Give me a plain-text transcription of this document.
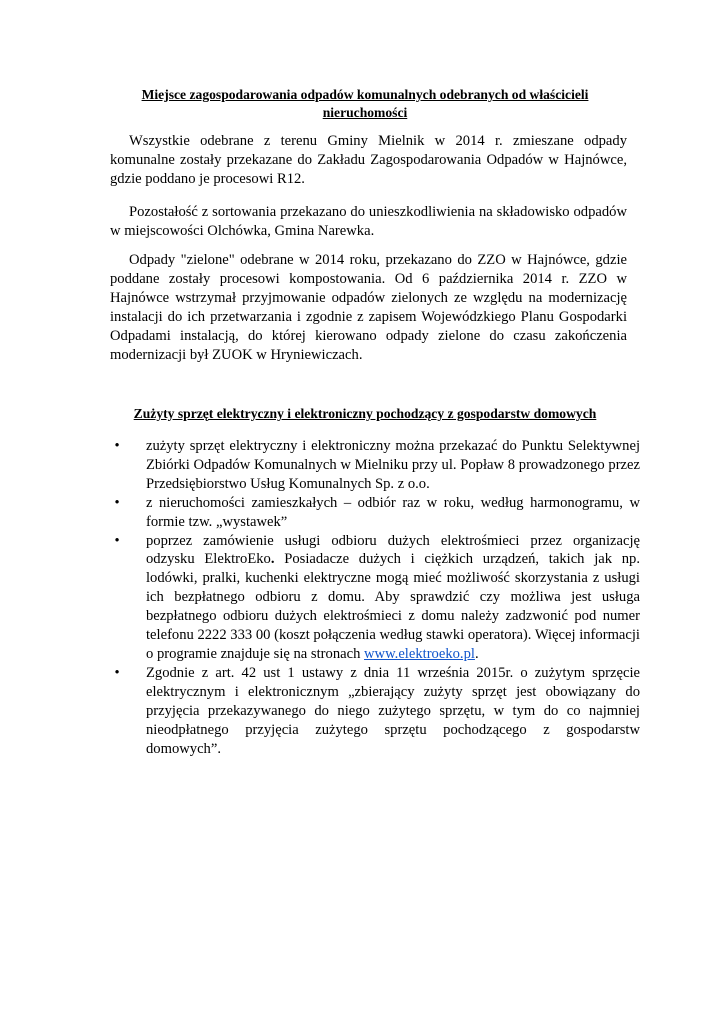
Miejsce zagospodarowania odpadów komunalnych odebranych od właścicieli nieruchomości

Wszystkie odebrane z terenu Gminy Mielnik w 2014 r. zmieszane odpady komunalne zostały przekazane do Zakładu Zagospodarowania Odpadów w Hajnówce, gdzie poddano je procesowi R12.

Pozostałość z sortowania przekazano do unieszkodliwienia na składowisko odpadów w miejscowości Olchówka, Gmina Narewka.

Odpady "zielone" odebrane w 2014 roku, przekazano do ZZO w Hajnówce, gdzie poddane zostały procesowi kompostowania. Od 6 października 2014 r. ZZO w Hajnówce wstrzymał przyjmowanie odpadów zielonych ze względu na modernizację instalacji do ich przetwarzania i zgodnie z zapisem Wojewódzkiego Planu Gospodarki Odpadami instalacją, do której kierowano odpady zielone do czasu zakończenia modernizacji był ZUOK w Hryniewiczach.

Zużyty sprzęt elektryczny i elektroniczny pochodzący z gospodarstw domowych
•	zużyty sprzęt elektryczny i elektroniczny można przekazać do Punktu Selektywnej Zbiórki Odpadów Komunalnych w Mielniku przy ul. Popław 8 prowadzonego przez Przedsiębiorstwo Usług Komunalnych Sp. z o.o.
•	z nieruchomości zamieszkałych – odbiór raz w roku, według harmonogramu, w formie tzw. „wystawek”
•	poprzez zamówienie usługi odbioru dużych elektrośmieci przez organizację odzysku ElektroEko. Posiadacze dużych i ciężkich urządzeń, takich jak np. lodówki, pralki, kuchenki elektryczne mogą mieć możliwość skorzystania z usługi ich bezpłatnego odbioru z domu. Aby sprawdzić czy możliwa jest usługa bezpłatnego odbioru dużych elektrośmieci z domu należy zadzwonić pod numer telefonu 2222 333 00 (koszt połączenia według stawki operatora). Więcej informacji o programie znajduje się na stronach www.elektroeko.pl.
•	Zgodnie z art. 42 ust 1 ustawy z dnia 11 września 2015r. o zużytym sprzęcie elektrycznym i elektronicznym „zbierający zużyty sprzęt jest obowiązany do przyjęcia przekazywanego do niego zużytego sprzętu, w tym do co najmniej nieodpłatnego przyjęcia zużytego sprzętu pochodzącego z gospodarstw domowych”.
